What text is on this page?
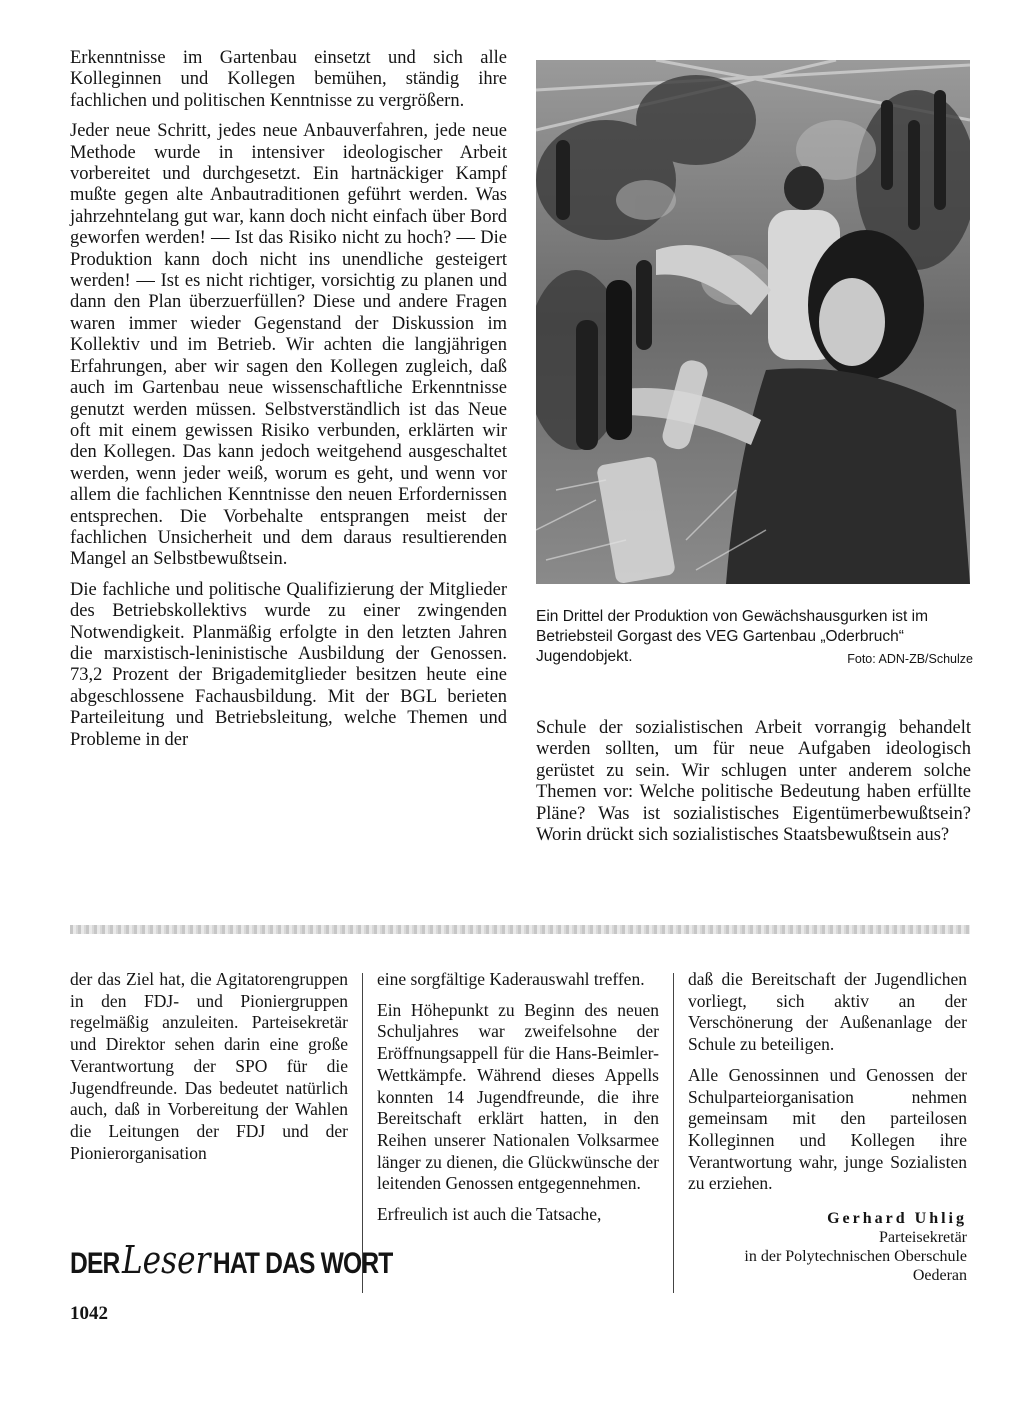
Erkenntnisse im Gartenbau einsetzt und sich alle Kolleginnen und Kollegen bemühen, ständig ihre fachlichen und politischen Kenntnisse zu vergrößern.

Jeder neue Schritt, jedes neue Anbauverfahren, jede neue Methode wurde in intensiver ideologischer Arbeit vorbereitet und durchgesetzt. Ein hartnäckiger Kampf mußte gegen alte Anbautraditionen geführt werden. Was jahrzehntelang gut war, kann doch nicht einfach über Bord geworfen werden! — Ist das Risiko nicht zu hoch? — Die Produktion kann doch nicht ins unendliche gesteigert werden! — Ist es nicht richtiger, vorsichtig zu planen und dann den Plan überzuerfüllen? Diese und andere Fragen waren immer wieder Gegenstand der Diskussion im Kollektiv und im Betrieb. Wir achten die langjährigen Erfahrungen, aber wir sagen den Kollegen zugleich, daß auch im Gartenbau neue wissenschaftliche Erkenntnisse genutzt werden müssen. Selbstverständlich ist das Neue oft mit einem gewissen Risiko verbunden, erklärten wir den Kollegen. Das kann jedoch weitgehend ausgeschaltet werden, wenn jeder weiß, worum es geht, und wenn vor allem die fachlichen Kenntnisse den neuen Erfordernissen entsprechen. Die Vorbehalte entsprangen meist der fachlichen Unsicherheit und dem daraus resultierenden Mangel an Selbstbewußtsein.

Die fachliche und politische Qualifizierung der Mitglieder des Betriebskollektivs wurde zu einer zwingenden Notwendigkeit. Planmäßig erfolgte in den letzten Jahren die marxistisch-leninistische Ausbildung der Genossen. 73,2 Prozent der Brigademitglieder besitzen heute eine abgeschlossene Fachausbildung. Mit der BGL berieten Parteileitung und Betriebsleitung, welche Themen und Probleme in der

Ein Drittel der Produktion von Gewächshausgurken ist im Betriebsteil Gorgast des VEG Gartenbau „Oderbruch“ Jugendobjekt.	Foto: ADN-ZB/Schulze

Schule der sozialistischen Arbeit vorrangig behandelt werden sollten, um für neue Aufgaben ideologisch gerüstet zu sein. Wir schlugen unter anderem solche Themen vor: Welche politische Bedeutung haben erfüllte Pläne? Was ist sozialistisches Eigentümerbewußtsein? Worin drückt sich sozialistisches Staatsbewußtsein aus?

der das Ziel hat, die Agitatorengruppen in den FDJ- und Pioniergruppen regelmäßig anzuleiten. Parteisekretär und Direktor sehen darin eine große Verantwortung der SPO für die Jugendfreunde. Das bedeutet natürlich auch, daß in Vorbereitung der Wahlen die Leitungen der FDJ und der Pionierorganisation

eine sorgfältige Kaderauswahl treffen.

Ein Höhepunkt zu Beginn des neuen Schuljahres war zweifelsohne der Eröffnungsappell für die Hans-Beimler-Wettkämpfe. Während dieses Appells konnten 14 Jugendfreunde, die ihre Bereitschaft erklärt hatten, in den Reihen unserer Nationalen Volksarmee länger zu dienen, die Glückwünsche der leitenden Genossen entgegennehmen.

Erfreulich ist auch die Tatsache,

daß die Bereitschaft der Jugendlichen vorliegt, sich aktiv an der Verschönerung der Außenanlage der Schule zu beteiligen.

Alle Genossinnen und Genossen der Schulparteiorganisation nehmen gemeinsam mit den parteilosen Kolleginnen und Kollegen ihre Verantwortung wahr, junge Sozialisten zu erziehen.

Gerhard Uhlig
Parteisekretär
in der Polytechnischen Oberschule
Oederan
DERLeserHAT DAS WORT
1042
